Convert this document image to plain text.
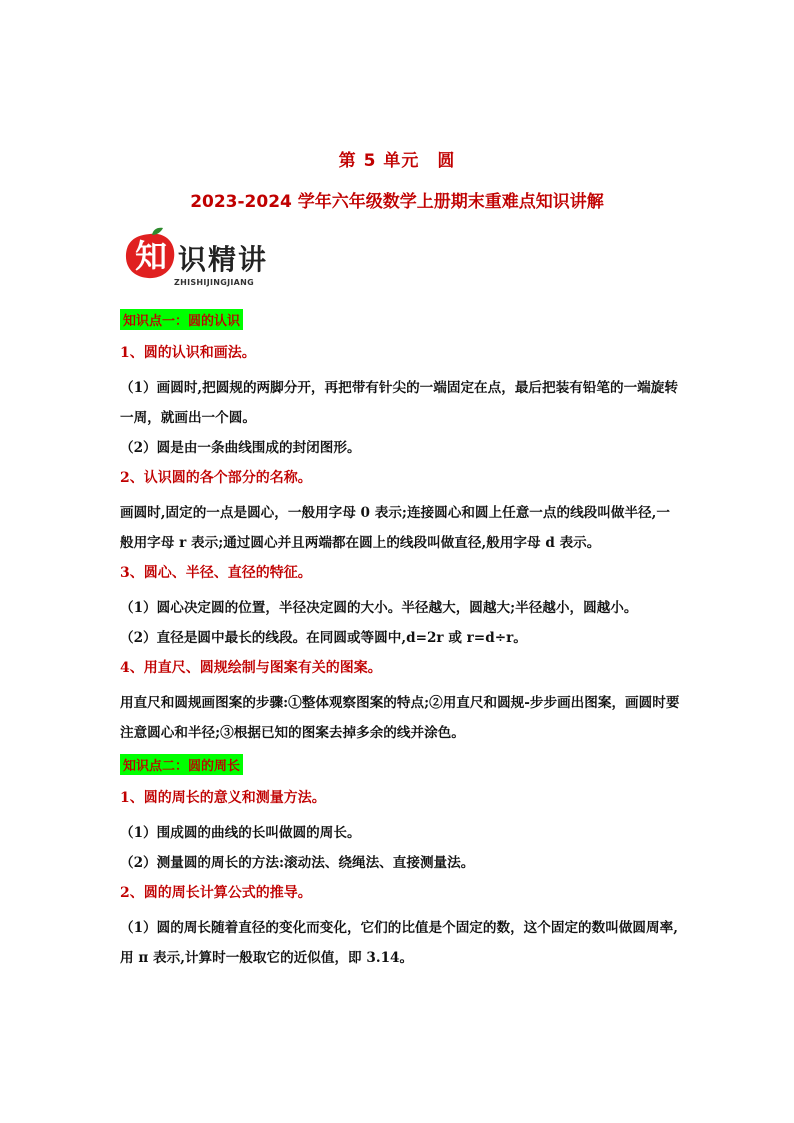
第 5 单元　圆
2023-2024 学年六年级数学上册期末重难点知识讲解
知 识精讲
ZHISHIJINGJIANG
知识点一：圆的认识
1、圆的认识和画法。

（1）画圆时,把圆规的两脚分开，再把带有针尖的一端固定在点，最后把装有铅笔的一端旋转一周，就画出一个圆。

（2）圆是由一条曲线围成的封闭图形。

2、认识圆的各个部分的名称。

画圆时,固定的一点是圆心，一般用字母 0 表示;连接圆心和圆上任意一点的线段叫做半径,一般用字母 r 表示;通过圆心并且两端都在圆上的线段叫做直径,般用字母 d 表示。

3、圆心、半径、直径的特征。

（1）圆心决定圆的位置，半径决定圆的大小。半径越大，圆越大;半径越小，圆越小。

（2）直径是圆中最长的线段。在同圆或等圆中,d=2r 或 r=d÷r。

4、用直尺、圆规绘制与图案有关的图案。

用直尺和圆规画图案的步骤:①整体观察图案的特点;②用直尺和圆规-步步画出图案，画圆时要注意圆心和半径;③根据已知的图案去掉多余的线并涂色。

知识点二：圆的周长
1、圆的周长的意义和测量方法。

（1）围成圆的曲线的长叫做圆的周长。

（2）测量圆的周长的方法:滚动法、绕绳法、直接测量法。

2、圆的周长计算公式的推导。

（1）圆的周长随着直径的变化而变化，它们的比值是个固定的数，这个固定的数叫做圆周率,用 π 表示,计算时一般取它的近似值，即 3.14。
